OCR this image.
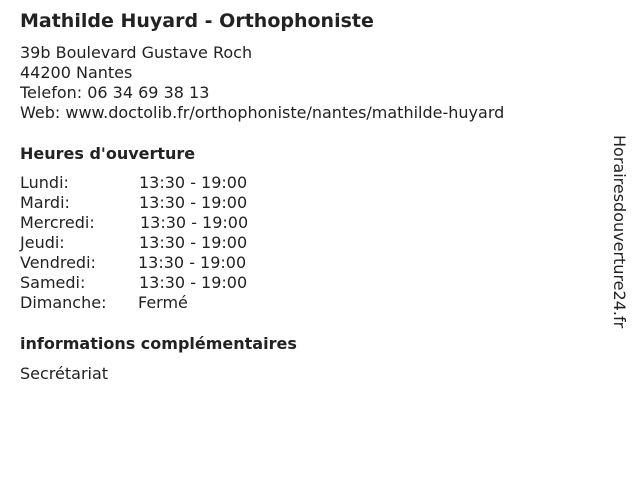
Mathilde Huyard - Orthophoniste
39b Boulevard Gustave Roch
44200 Nantes
Telefon: 06 34 69 38 13
Web: www.doctolib.fr/orthophoniste/nantes/mathilde-huyard
Heures d'ouverture
Lundi:	13:30 - 19:00
Mardi:	13:30 - 19:00
Mercredi:	13:30 - 19:00
Jeudi:	13:30 - 19:00
Vendredi:	13:30 - 19:00
Samedi:	13:30 - 19:00
Dimanche: Fermé
informations complémentaires
Secrétariat
Horairesdouverture24.fr
